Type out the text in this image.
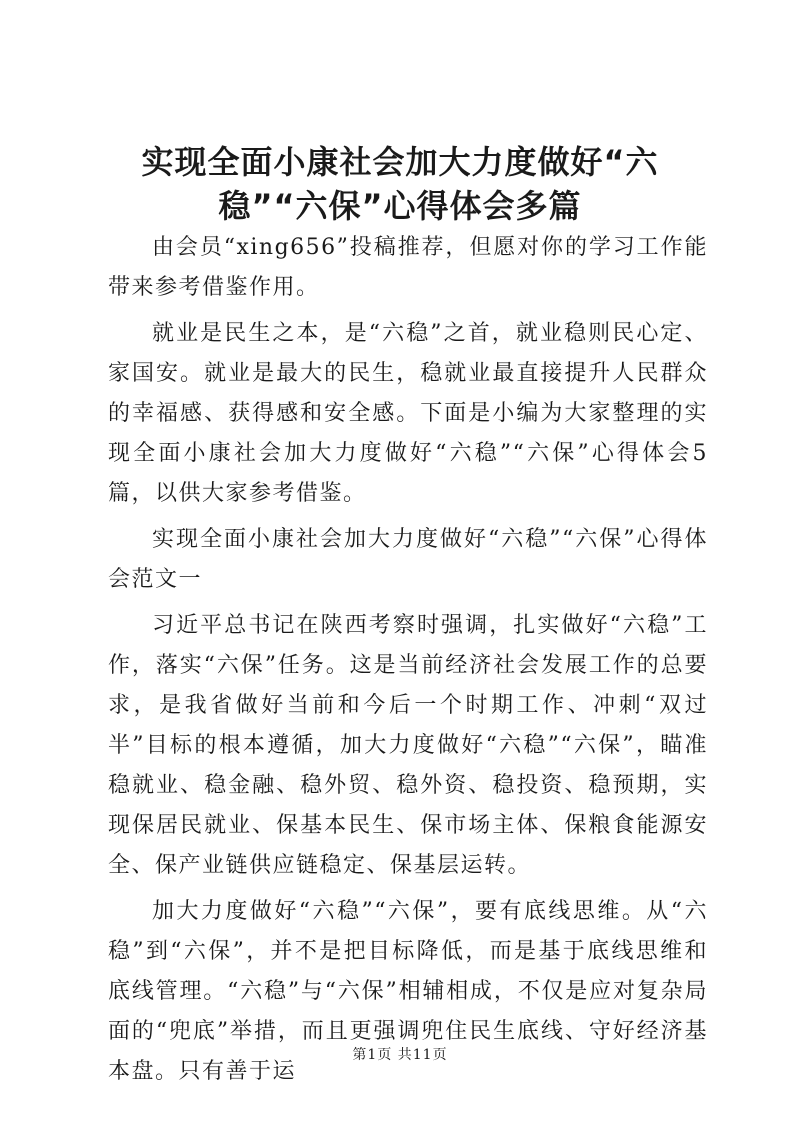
实现全面小康社会加大力度做好“六稳”“六保”心得体会多篇

由会员“xing656”投稿推荐，但愿对你的学习工作能带来参考借鉴作用。

就业是民生之本，是“六稳”之首，就业稳则民心定、家国安。就业是最大的民生，稳就业最直接提升人民群众的幸福感、获得感和安全感。下面是小编为大家整理的实现全面小康社会加大力度做好“六稳”“六保”心得体会5篇，以供大家参考借鉴。

实现全面小康社会加大力度做好“六稳”“六保”心得体会范文一

习近平总书记在陕西考察时强调，扎实做好“六稳”工作，落实“六保”任务。这是当前经济社会发展工作的总要求，是我省做好当前和今后一个时期工作、冲刺“双过半”目标的根本遵循，加大力度做好“六稳”“六保”，瞄准稳就业、稳金融、稳外贸、稳外资、稳投资、稳预期，实现保居民就业、保基本民生、保市场主体、保粮食能源安全、保产业链供应链稳定、保基层运转。

加大力度做好“六稳”“六保”，要有底线思维。从“六稳”到“六保”，并不是把目标降低，而是基于底线思维和底线管理。“六稳”与“六保”相辅相成，不仅是应对复杂局面的“兜底”举措，而且更强调兜住民生底线、守好经济基本盘。只有善于运

第1页 共11页
